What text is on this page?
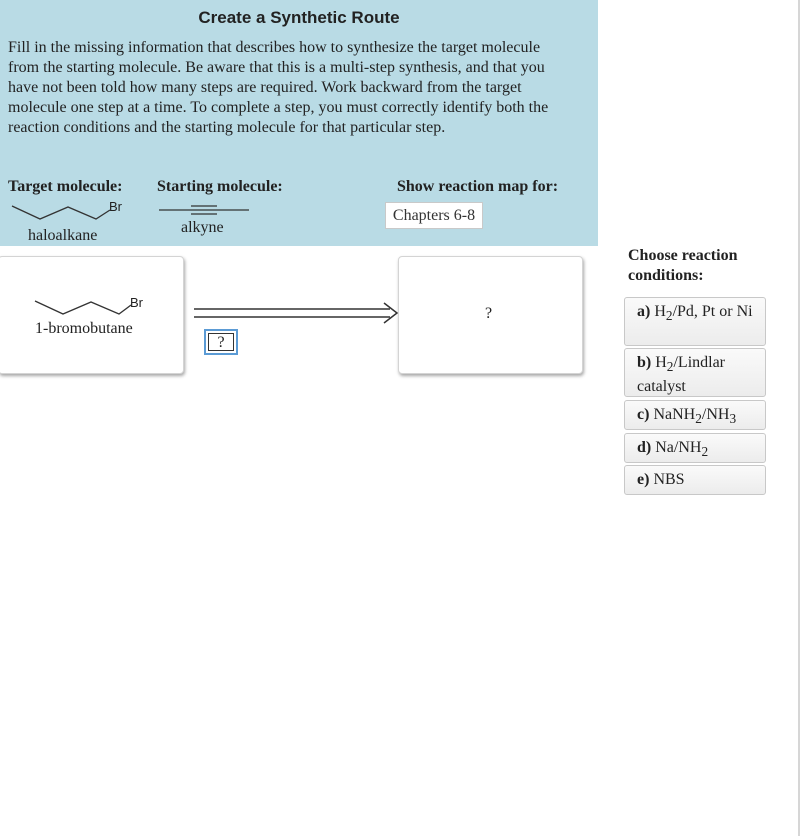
Create a Synthetic Route
Fill in the missing information that describes how to synthesize the target molecule from the starting molecule. Be aware that this is a multi-step synthesis, and that you have not been told how many steps are required. Work backward from the target molecule one step at a time. To complete a step, you must correctly identify both the reaction conditions and the starting molecule for that particular step.
Target molecule:
Br
haloalkane
Starting molecule:
alkyne
Show reaction map for:
Chapters 6-8
Br
1-bromobutane
?
?
Choose reaction conditions:
a) $H_2/Pd$, Pt or Ni
b) $H_2$/Lindlar catalyst
c) $NaNH_2/NH_3$
d) $Na/NH_2$
e) NBS
